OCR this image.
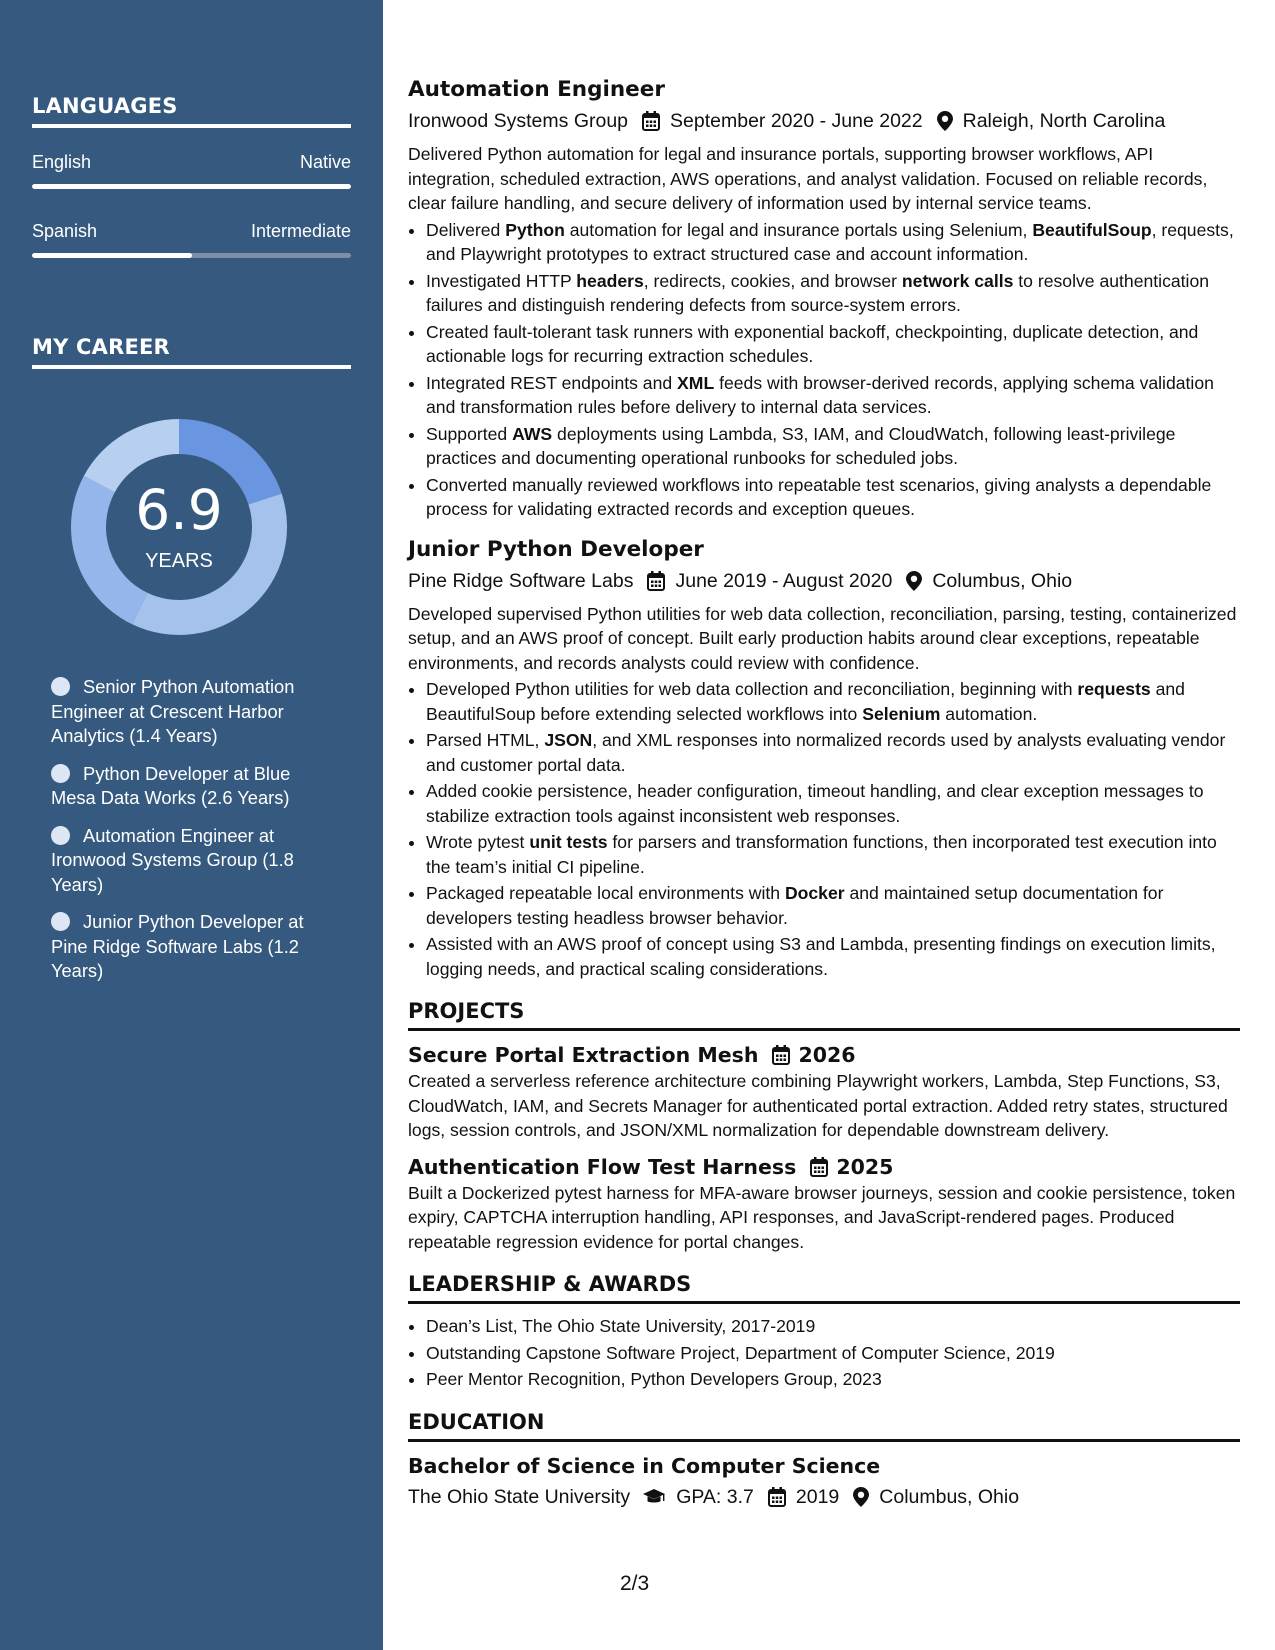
LANGUAGES
English	Native
Spanish	Intermediate
MY CAREER
6.9
YEARS
Senior Python Automation Engineer at Crescent Harbor Analytics (1.4 Years)
Python Developer at Blue Mesa Data Works (2.6 Years)
Automation Engineer at Ironwood Systems Group (1.8 Years)
Junior Python Developer at Pine Ridge Software Labs (1.2 Years)
Automation Engineer
Ironwood Systems Group September 2020 - June 2022 Raleigh, North Carolina

Delivered Python automation for legal and insurance portals, supporting browser workflows, API integration, scheduled extraction, AWS operations, and analyst validation. Focused on reliable records, clear failure handling, and secure delivery of information used by internal service teams.

• Delivered Python automation for legal and insurance portals using Selenium, BeautifulSoup, requests, and Playwright prototypes to extract structured case and account information.
• Investigated HTTP headers, redirects, cookies, and browser network calls to resolve authentication failures and distinguish rendering defects from source-system errors.
• Created fault-tolerant task runners with exponential backoff, checkpointing, duplicate detection, and actionable logs for recurring extraction schedules.
• Integrated REST endpoints and XML feeds with browser-derived records, applying schema validation and transformation rules before delivery to internal data services.
• Supported AWS deployments using Lambda, S3, IAM, and CloudWatch, following least-privilege practices and documenting operational runbooks for scheduled jobs.
• Converted manually reviewed workflows into repeatable test scenarios, giving analysts a dependable process for validating extracted records and exception queues.
Junior Python Developer
Pine Ridge Software Labs June 2019 - August 2020 Columbus, Ohio

Developed supervised Python utilities for web data collection, reconciliation, parsing, testing, containerized setup, and an AWS proof of concept. Built early production habits around clear exceptions, repeatable environments, and records analysts could review with confidence.

• Developed Python utilities for web data collection and reconciliation, beginning with requests and BeautifulSoup before extending selected workflows into Selenium automation.
• Parsed HTML, JSON, and XML responses into normalized records used by analysts evaluating vendor and customer portal data.
• Added cookie persistence, header configuration, timeout handling, and clear exception messages to stabilize extraction tools against inconsistent web responses.
• Wrote pytest unit tests for parsers and transformation functions, then incorporated test execution into the team’s initial CI pipeline.
• Packaged repeatable local environments with Docker and maintained setup documentation for developers testing headless browser behavior.
• Assisted with an AWS proof of concept using S3 and Lambda, presenting findings on execution limits, logging needs, and practical scaling considerations.
PROJECTS
Secure Portal Extraction Mesh 2026

Created a serverless reference architecture combining Playwright workers, Lambda, Step Functions, S3, CloudWatch, IAM, and Secrets Manager for authenticated portal extraction. Added retry states, structured logs, session controls, and JSON/XML normalization for dependable downstream delivery.

Authentication Flow Test Harness 2025

Built a Dockerized pytest harness for MFA-aware browser journeys, session and cookie persistence, token expiry, CAPTCHA interruption handling, API responses, and JavaScript-rendered pages. Produced repeatable regression evidence for portal changes.

LEADERSHIP & AWARDS
• Dean’s List, The Ohio State University, 2017-2019
• Outstanding Capstone Software Project, Department of Computer Science, 2019
• Peer Mentor Recognition, Python Developers Group, 2023
EDUCATION
Bachelor of Science in Computer Science
The Ohio State University GPA: 3.7 2019 Columbus, Ohio
2/3
